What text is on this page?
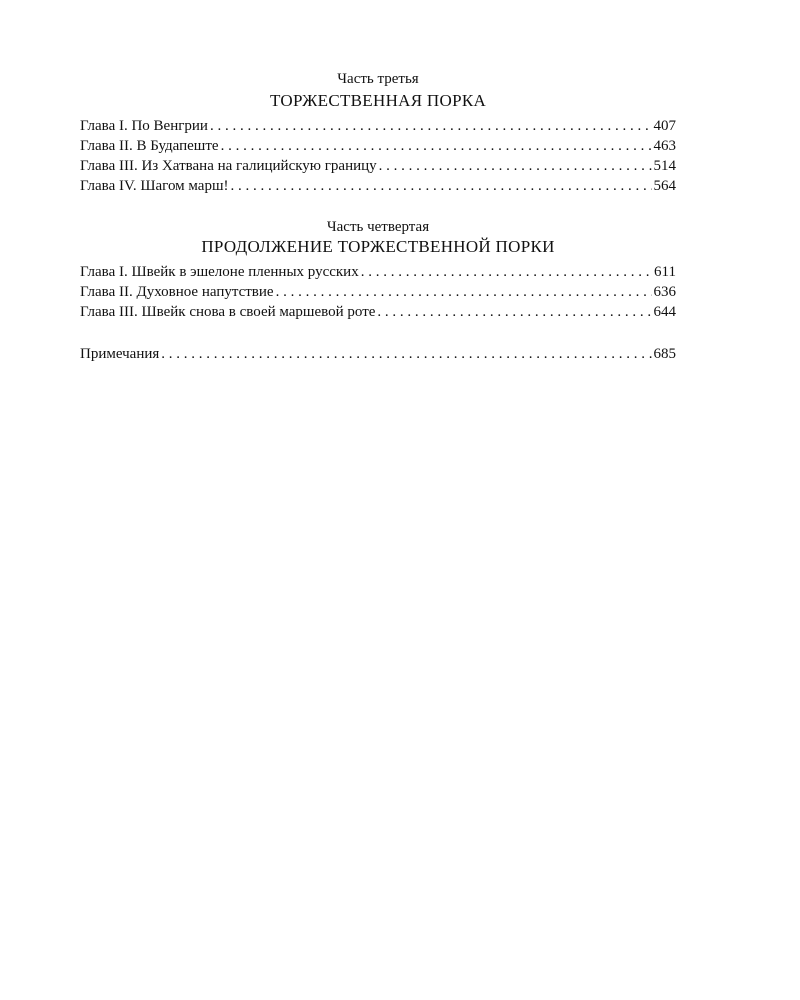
Часть третья

ТОРЖЕСТВЕННАЯ ПОРКА

Глава I. По Венгрии . . .	407
Глава II. В Будапеште . . .	463
Глава III. Из Хатвана на галицийскую границу . . .	514
Глава IV. Шагом марш! . . .	564

Часть четвертая

ПРОДОЛЖЕНИЕ ТОРЖЕСТВЕННОЙ ПОРКИ

Глава I. Швейк в эшелоне пленных русских . . .	611
Глава II. Духовное напутствие . . .	636
Глава III. Швейк снова в своей маршевой роте . . .	644
Примечания . . .	685
